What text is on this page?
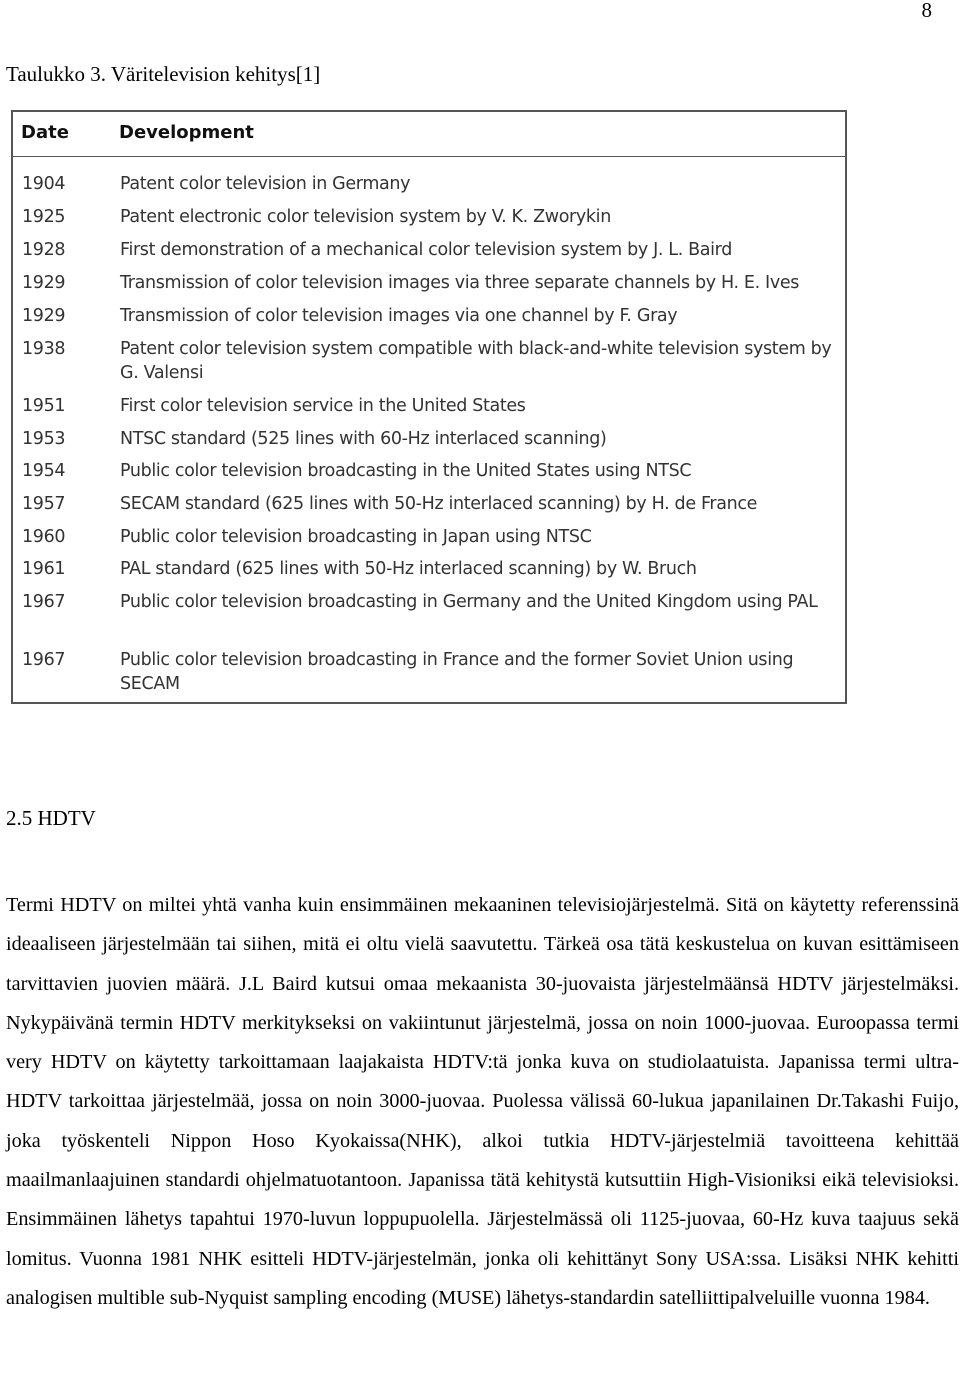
8
Taulukko 3. Väritelevision kehitys[1]
Date	Development
1904	Patent color television in Germany
1925	Patent electronic color television system by V. K. Zworykin
1928	First demonstration of a mechanical color television system by J. L. Baird
1929	Transmission of color television images via three separate channels by H. E. Ives
1929	Transmission of color television images via one channel by F. Gray
1938	Patent color television system compatible with black-and-white television system by G. Valensi
1951	First color television service in the United States
1953	NTSC standard (525 lines with 60-Hz interlaced scanning)
1954	Public color television broadcasting in the United States using NTSC
1957	SECAM standard (625 lines with 50-Hz interlaced scanning) by H. de France
1960	Public color television broadcasting in Japan using NTSC
1961	PAL standard (625 lines with 50-Hz interlaced scanning) by W. Bruch
1967	Public color television broadcasting in Germany and the United Kingdom using PAL
1967	Public color television broadcasting in France and the former Soviet Union using SECAM
2.5 HDTV
Termi HDTV on miltei yhtä vanha kuin ensimmäinen mekaaninen televisiojärjestelmä. Sitä on käytetty referenssinä ideaaliseen järjestelmään tai siihen, mitä ei oltu vielä saavutettu. Tärkeä osa tätä keskustelua on kuvan esittämiseen tarvittavien juovien määrä. J.L Baird kutsui omaa mekaanista 30-juovaista järjestelmäänsä HDTV järjestelmäksi. Nykypäivänä termin HDTV merkitykseksi on vakiintunut järjestelmä, jossa on noin 1000-juovaa. Euroopassa termi very HDTV on käytetty tarkoittamaan laajakaista HDTV:tä jonka kuva on studiolaatuista. Japanissa termi ultra-HDTV tarkoittaa järjestelmää, jossa on noin 3000-juovaa. Puolessa välissä 60-lukua japanilainen Dr.Takashi Fuijo, joka työskenteli Nippon Hoso Kyokaissa(NHK), alkoi tutkia HDTV-järjestelmiä tavoitteena kehittää maailmanlaajuinen standardi ohjelmatuotantoon. Japanissa tätä kehitystä kutsuttiin High-Visioniksi eikä televisioksi. Ensimmäinen lähetys tapahtui 1970-luvun loppupuolella. Järjestelmässä oli 1125-juovaa, 60-Hz kuva taajuus sekä lomitus. Vuonna 1981 NHK esitteli HDTV-järjestelmän, jonka oli kehittänyt Sony USA:ssa. Lisäksi NHK kehitti analogisen multible sub-Nyquist sampling encoding (MUSE) lähetys-standardin satelliittipalveluille vuonna 1984.
